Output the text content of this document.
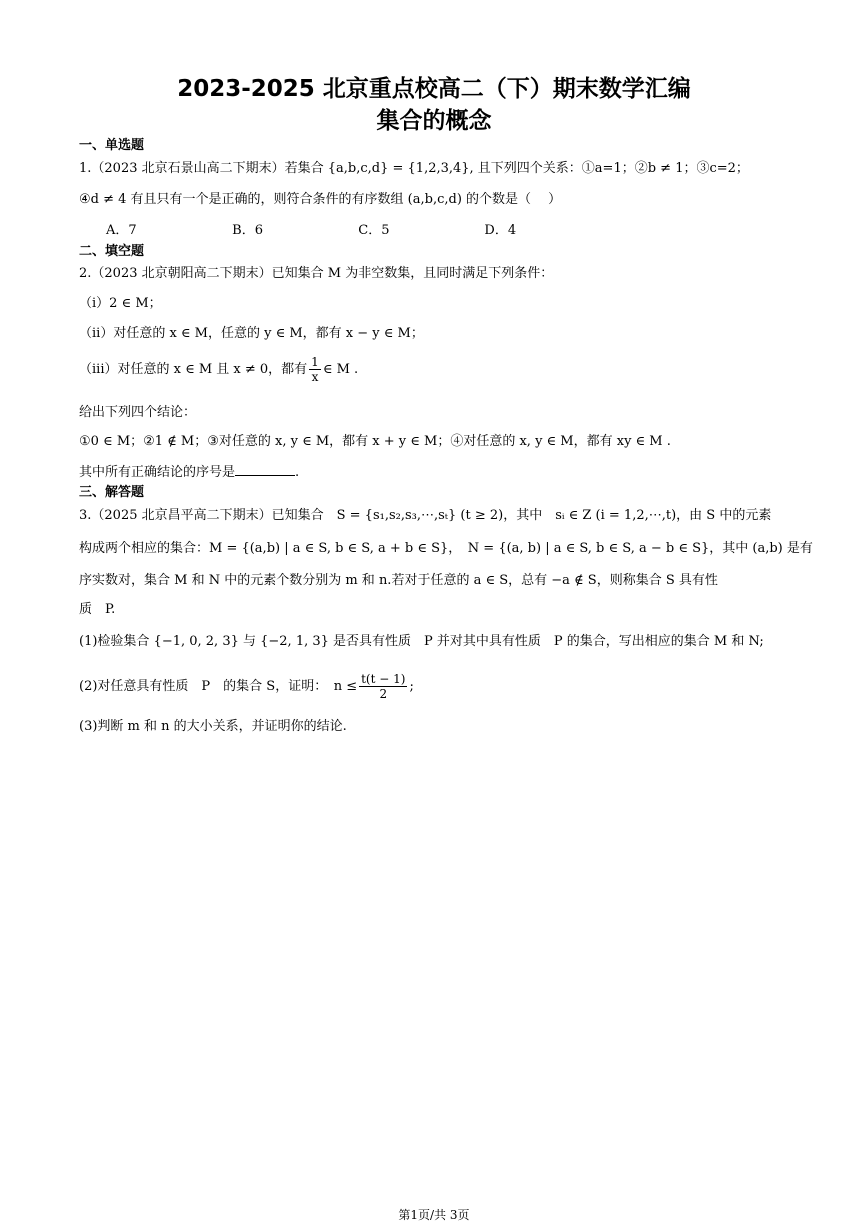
2023-2025 北京重点校高二（下）期末数学汇编
集合的概念
一、单选题
1.（2023 北京石景山高二下期末）若集合 {a,b,c,d} = {1,2,3,4}, 且下列四个关系：①a=1；②b ≠ 1；③c=2；
④d ≠ 4 有且只有一个是正确的，则符合条件的有序数组 (a,b,c,d) 的个数是（　 ）
A．7	B．6	C．5	D．4
二、填空题
2.（2023 北京朝阳高二下期末）已知集合 M 为非空数集，且同时满足下列条件：
（i）2 ∈ M；
（ii）对任意的 x ∈ M，任意的 y ∈ M，都有 x − y ∈ M；
（iii）对任意的 x ∈ M 且 x ≠ 0，都有 $\frac{1}{x}$ ∈ M .
给出下列四个结论：
①0 ∈ M；②1 ∉ M；③对任意的 x, y ∈ M，都有 x + y ∈ M；④对任意的 x, y ∈ M，都有 xy ∈ M .
其中所有正确结论的序号是	.
三、解答题
3.（2025 北京昌平高二下期末）已知集合　S = {s₁,s₂,s₃,⋯,sₜ} (t ≥ 2)，其中　sᵢ ∈ Z (i = 1,2,⋯,t)，由 S 中的元素
构成两个相应的集合：M = {(a,b) | a ∈ S, b ∈ S, a + b ∈ S}，　N = {(a, b) | a ∈ S, b ∈ S, a − b ∈ S}，其中 (a,b) 是有
序实数对，集合 M 和 N 中的元素个数分别为 m 和 n.若对于任意的 a ∈ S，总有 −a ∉ S，则称集合 S 具有性
质　P.
(1)检验集合 {−1, 0, 2, 3} 与 {−2, 1, 3} 是否具有性质　P 并对其中具有性质　P 的集合，写出相应的集合 M 和 N;
(2)对任意具有性质　P　的集合 S，证明：　$n \le \frac{t(t - 1)}{2}$ ;
(3)判断 m 和 n 的大小关系，并证明你的结论.
第1页/共 3页
